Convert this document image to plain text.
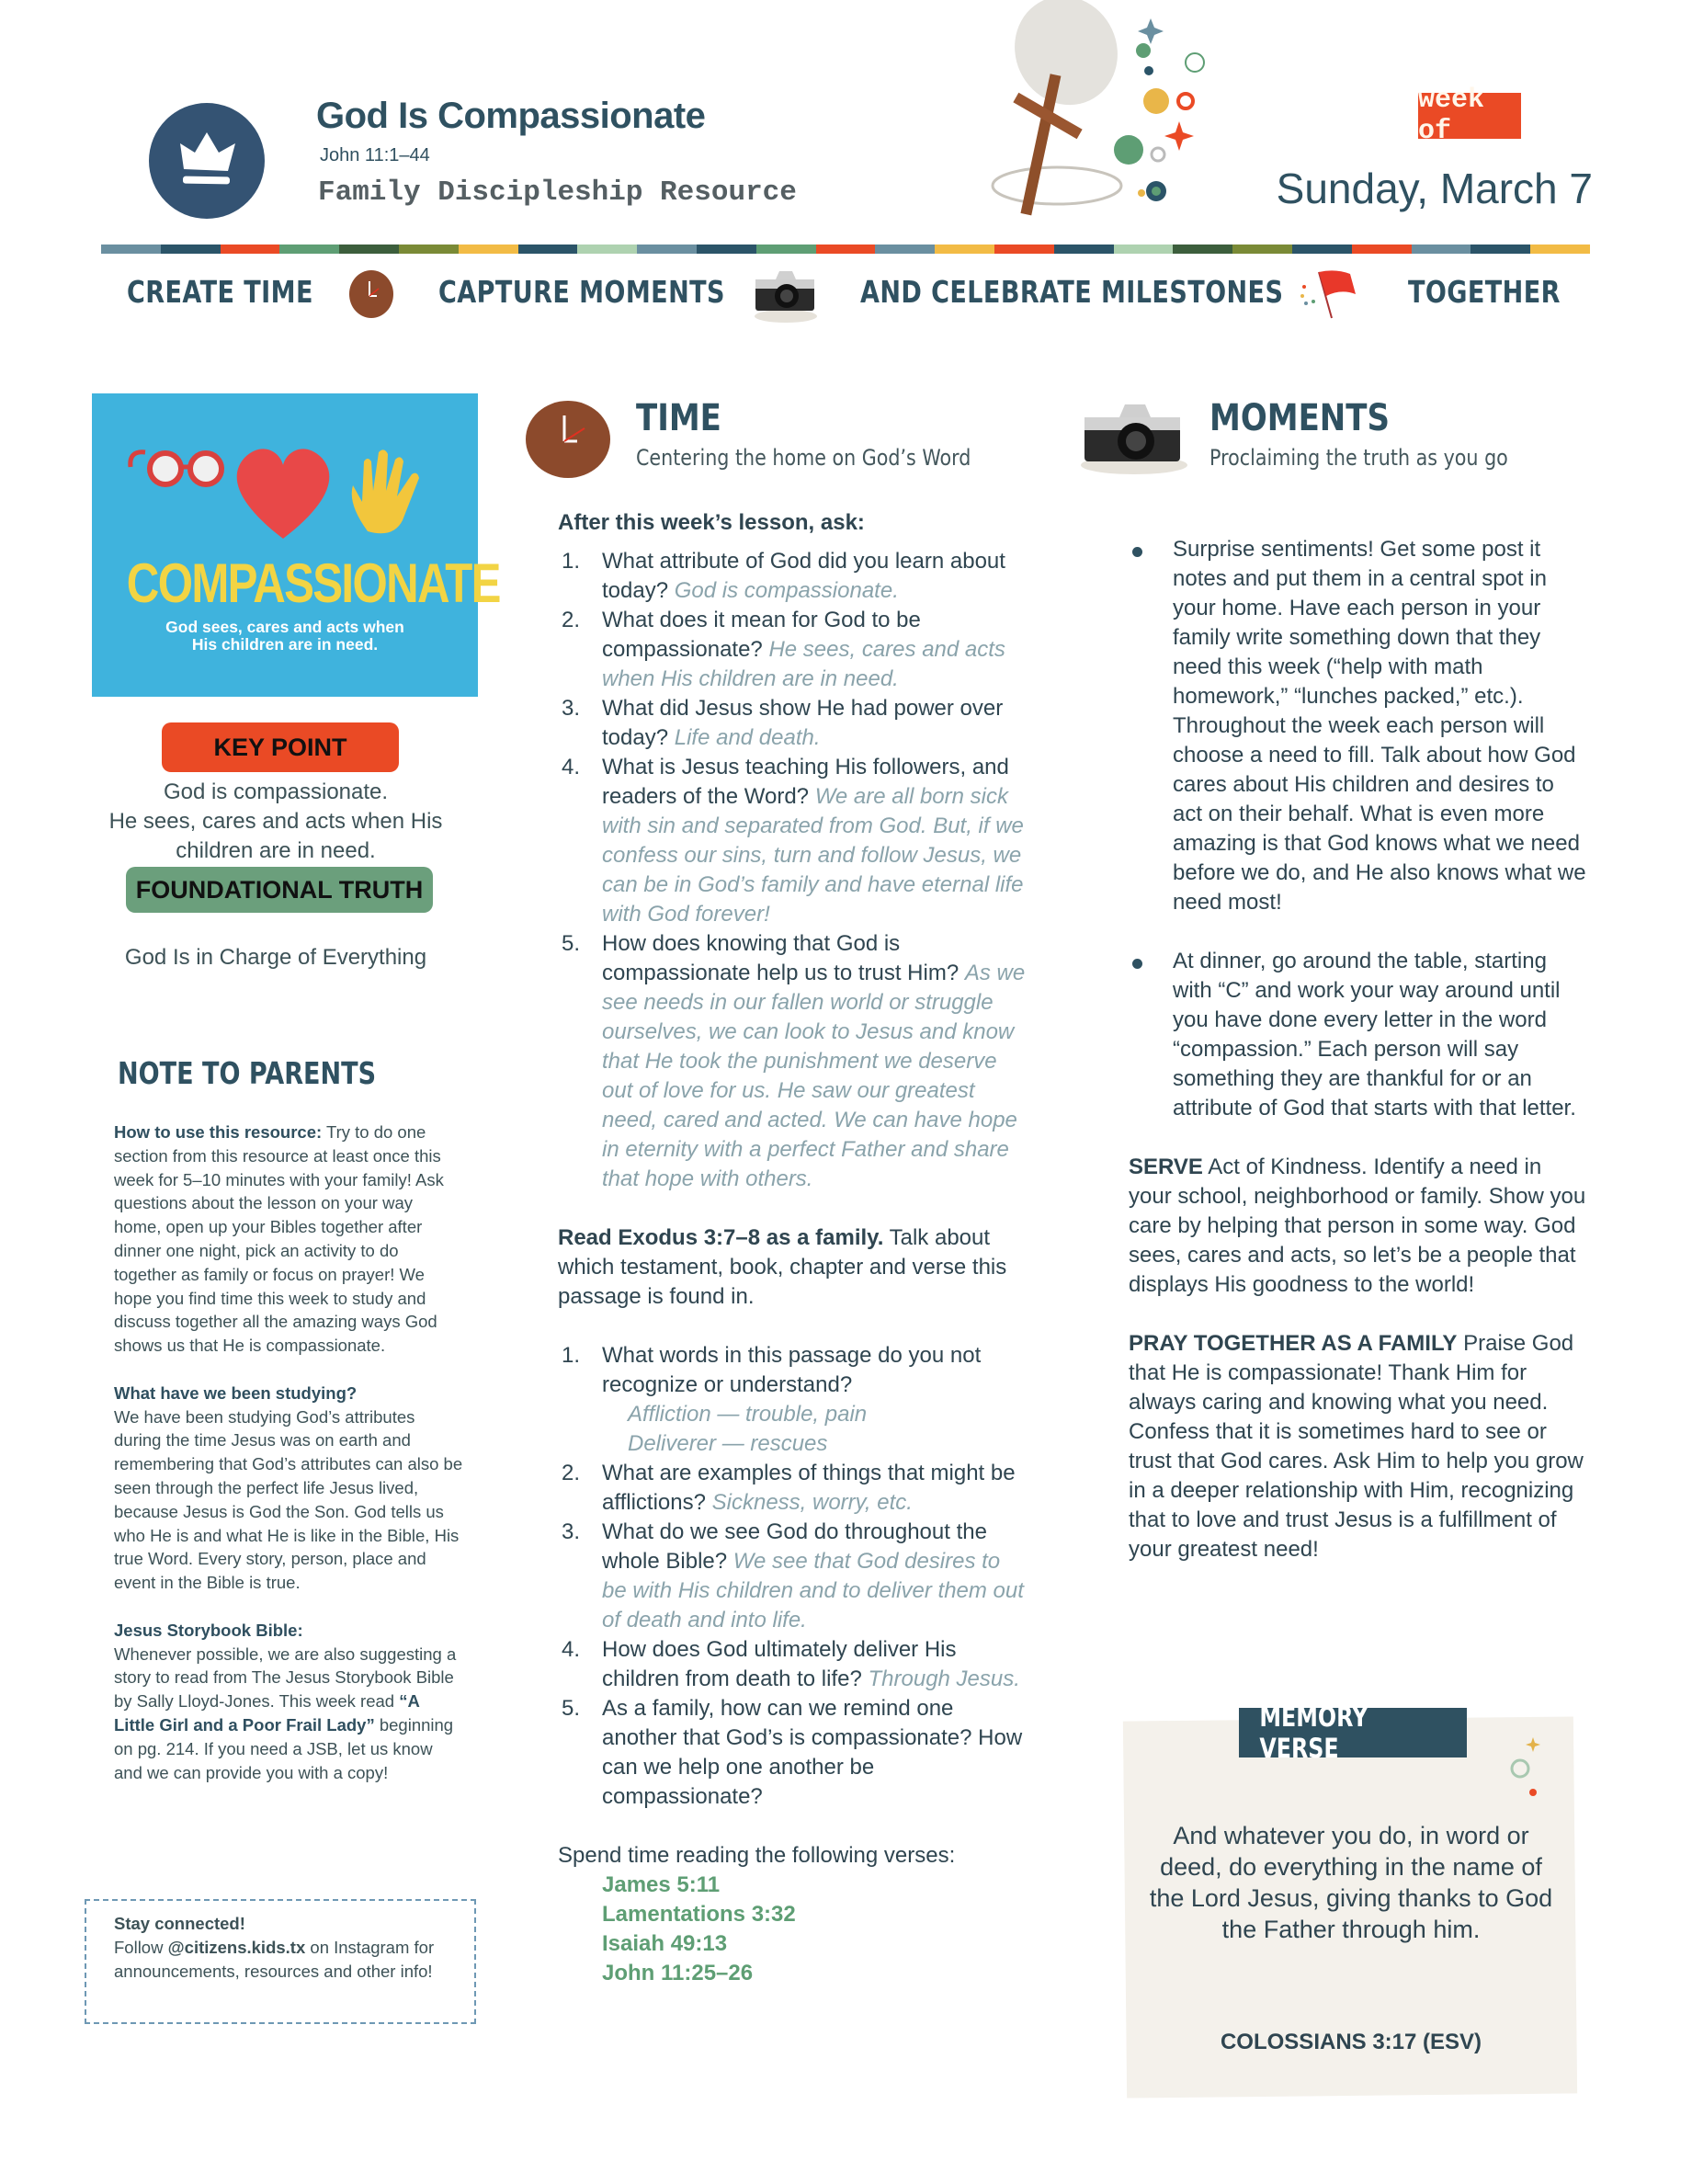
God Is Compassionate
John 11:1–44
Family Discipleship Resource
week of
Sunday, March 7
CREATE TIME	CAPTURE MOMENTS	AND CELEBRATE MILESTONES	TOGETHER
COMPASSIONATE
God sees, cares and acts when
His children are in need.
KEY POINT
God is compassionate.
He sees, cares and acts when His children are in need.
FOUNDATIONAL TRUTH
God Is in Charge of Everything
NOTE TO PARENTS

How to use this resource: Try to do one section from this resource at least once this week for 5–10 minutes with your family! Ask questions about the lesson on your way home, open up your Bibles together after dinner one night, pick an activity to do together as family or focus on prayer! We hope you find time this week to study and discuss together all the amazing ways God shows us that He is compassionate.

What have we been studying?
We have been studying God’s attributes during the time Jesus was on earth and remembering that God’s attributes can also be seen through the perfect life Jesus lived, because Jesus is God the Son. God tells us who He is and what He is like in the Bible, His true Word. Every story, person, place and event in the Bible is true.

Jesus Storybook Bible:
Whenever possible, we are also suggesting a story to read from The Jesus Storybook Bible by Sally Lloyd-Jones. This week read “A Little Girl and a Poor Frail Lady” beginning on pg. 214. If you need a JSB, let us know and we can provide you with a copy!

Stay connected!
Follow @citizens.kids.tx on Instagram for announcements, resources and other info!
TIME
Centering the home on God’s Word
After this week’s lesson, ask:
1. What attribute of God did you learn about today? God is compassionate.
2. What does it mean for God to be compassionate? He sees, cares and acts when His children are in need.
3. What did Jesus show He had power over today? Life and death.
4. What is Jesus teaching His followers, and readers of the Word? We are all born sick with sin and separated from God. But, if we confess our sins, turn and follow Jesus, we can be in God’s family and have eternal life with God forever!
5. How does knowing that God is compassionate help us to trust Him? As we see needs in our fallen world or struggle ourselves, we can look to Jesus and know that He took the punishment we deserve out of love for us. He saw our greatest need, cared and acted. We can have hope in eternity with a perfect Father and share that hope with others.
Read Exodus 3:7–8 as a family. Talk about which testament, book, chapter and verse this passage is found in.
1. What words in this passage do you not recognize or understand?
Affliction — trouble, pain
Deliverer — rescues
2. What are examples of things that might be afflictions? Sickness, worry, etc.
3. What do we see God do throughout the whole Bible? We see that God desires to be with His children and to deliver them out of death and into life.
4. How does God ultimately deliver His children from death to life? Through Jesus.
5. As a family, how can we remind one another that God’s is compassionate? How can we help one another be compassionate?
Spend time reading the following verses:
James 5:11
Lamentations 3:32
Isaiah 49:13
John 11:25–26
MOMENTS
Proclaiming the truth as you go
Surprise sentiments! Get some post it notes and put them in a central spot in your home. Have each person in your family write something down that they need this week (“help with math homework,” “lunches packed,” etc.). Throughout the week each person will choose a need to fill. Talk about how God cares about His children and desires to act on their behalf. What is even more amazing is that God knows what we need before we do, and He also knows what we need most!
At dinner, go around the table, starting with “C” and work your way around until you have done every letter in the word “compassion.” Each person will say something they are thankful for or an attribute of God that starts with that letter.
SERVE Act of Kindness. Identify a need in your school, neighborhood or family. Show you care by helping that person in some way. God sees, cares and acts, so let’s be a people that displays His goodness to the world!
PRAY TOGETHER AS A FAMILY Praise God that He is compassionate! Thank Him for always caring and knowing what you need. Confess that it is sometimes hard to see or trust that God cares. Ask Him to help you grow in a deeper relationship with Him, recognizing that to love and trust Jesus is a fulfillment of your greatest need!
MEMORY VERSE
And whatever you do, in word or deed, do everything in the name of the Lord Jesus, giving thanks to God the Father through him.
COLOSSIANS 3:17 (ESV)
